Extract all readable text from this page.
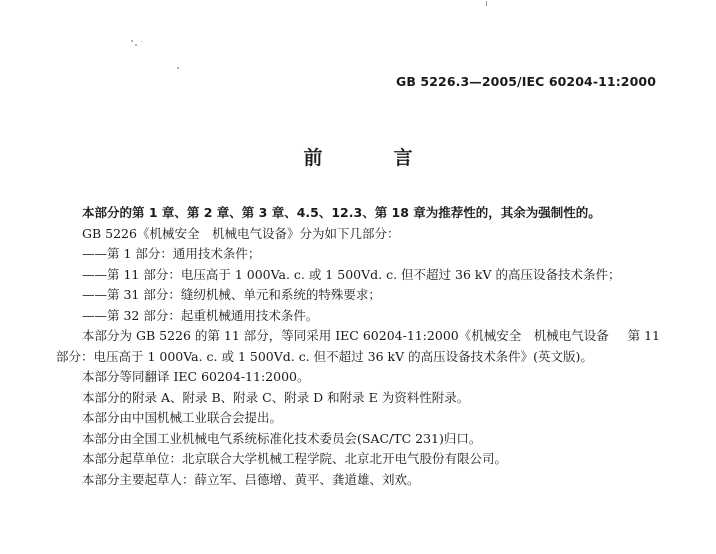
GB 5226.3—2005/IEC 60204-11:2000
前　言
本部分的第 1 章、第 2 章、第 3 章、4.5、12.3、第 18 章为推荐性的，其余为强制性的。
GB 5226《机械安全　机械电气设备》分为如下几部分：
——第 1 部分：通用技术条件；
——第 11 部分：电压高于 1 000Va. c. 或 1 500Vd. c. 但不超过 36 kV 的高压设备技术条件；
——第 31 部分：缝纫机械、单元和系统的特殊要求；
——第 32 部分：起重机械通用技术条件。
本部分为 GB 5226 的第 11 部分，等同采用 IEC 60204-11:2000《机械安全　机械电气设备 第 11
部分：电压高于 1 000Va. c. 或 1 500Vd. c. 但不超过 36 kV 的高压设备技术条件》(英文版)。
本部分等同翻译 IEC 60204-11:2000。
本部分的附录 A、附录 B、附录 C、附录 D 和附录 E 为资料性附录。
本部分由中国机械工业联合会提出。
本部分由全国工业机械电气系统标准化技术委员会(SAC/TC 231)归口。
本部分起草单位：北京联合大学机械工程学院、北京北开电气股份有限公司。
本部分主要起草人：薛立军、吕德增、黄平、龚道雄、刘欢。
